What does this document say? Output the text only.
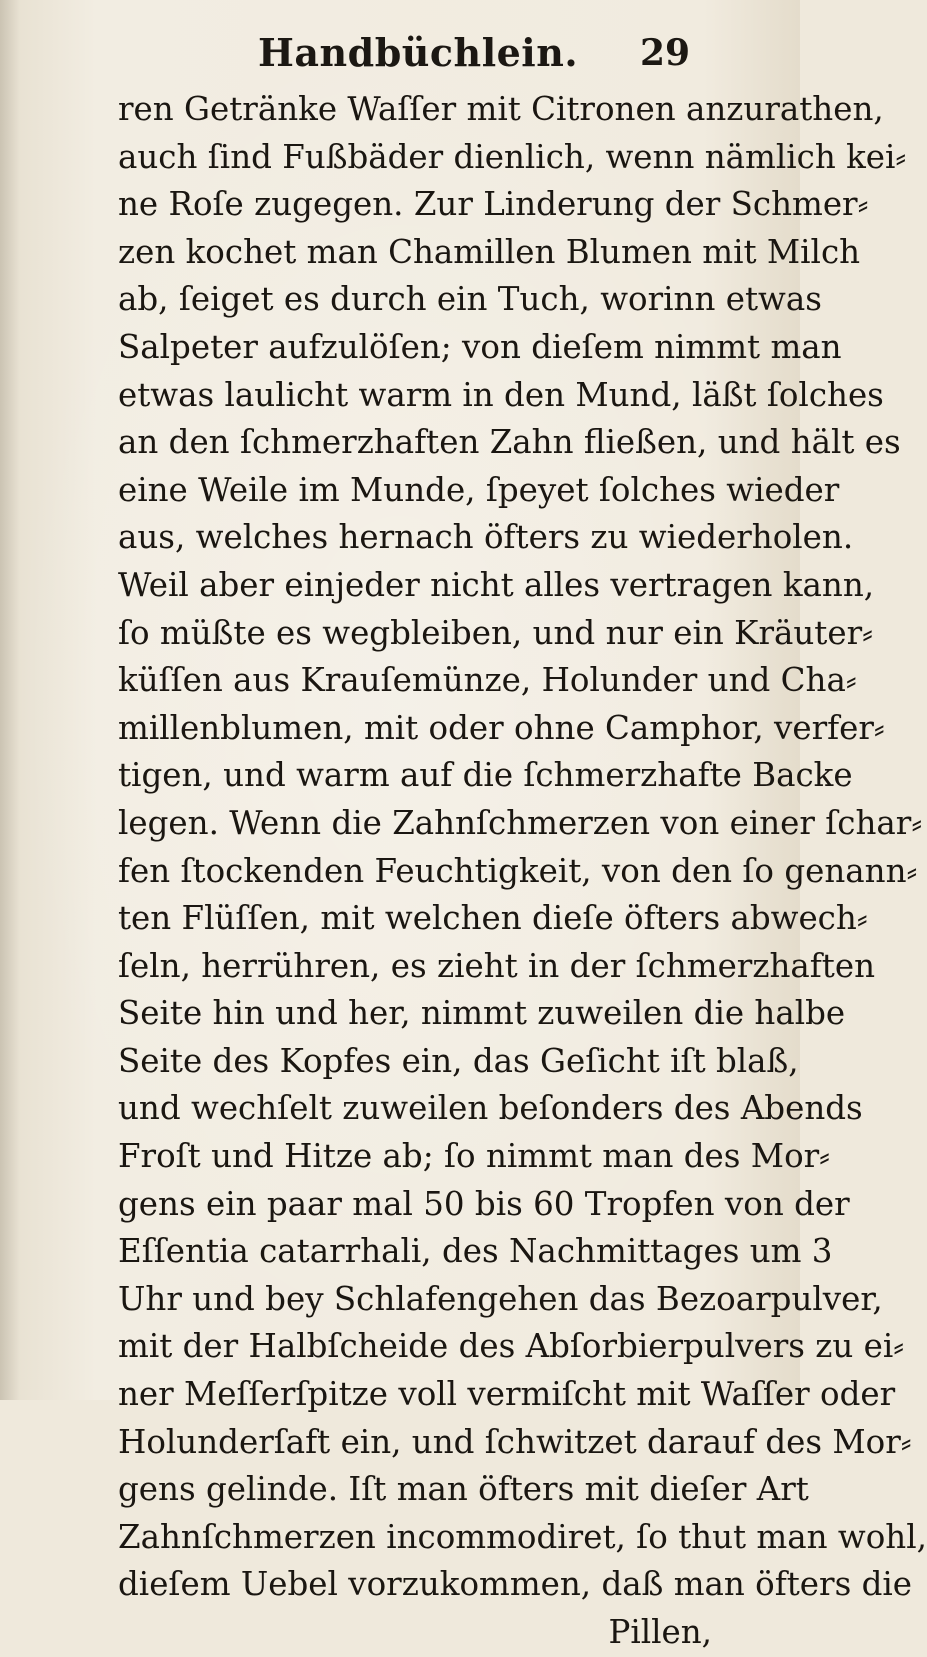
Handbüchlein. 29
ren Getränke Waſſer mit Citronen anzurathen,
auch ſind Fußbäder dienlich, wenn nämlich kei⸗
ne Roſe zugegen. Zur Linderung der Schmer⸗
zen kochet man Chamillen Blumen mit Milch
ab, ſeiget es durch ein Tuch, worinn etwas
Salpeter aufzulöſen; von dieſem nimmt man
etwas laulicht warm in den Mund, läßt ſolches
an den ſchmerzhaften Zahn fließen, und hält es
eine Weile im Munde, ſpeyet ſolches wieder
aus, welches hernach öfters zu wiederholen.
Weil aber einjeder nicht alles vertragen kann,
ſo müßte es wegbleiben, und nur ein Kräuter⸗
küſſen aus Krauſemünze, Holunder und Cha⸗
millenblumen, mit oder ohne Camphor, verfer⸗
tigen, und warm auf die ſchmerzhafte Backe
legen. Wenn die Zahnſchmerzen von einer ſchar⸗
fen ſtockenden Feuchtigkeit, von den ſo genann⸗
ten Flüſſen, mit welchen dieſe öfters abwech⸗
ſeln, herrühren, es zieht in der ſchmerzhaften
Seite hin und her, nimmt zuweilen die halbe
Seite des Kopfes ein, das Geſicht iſt blaß,
und wechſelt zuweilen beſonders des Abends
Froſt und Hitze ab; ſo nimmt man des Mor⸗
gens ein paar mal 50 bis 60 Tropfen von der
Eſſentia catarrhali, des Nachmittages um 3
Uhr und bey Schlafengehen das Bezoarpulver,
mit der Halbſcheide des Abſorbierpulvers zu ei⸗
ner Meſſerſpitze voll vermiſcht mit Waſſer oder
Holunderſaft ein, und ſchwitzet darauf des Mor⸗
gens gelinde. Iſt man öfters mit dieſer Art
Zahnſchmerzen incommodiret, ſo thut man wohl,
dieſem Uebel vorzukommen, daß man öfters die
Pillen,
